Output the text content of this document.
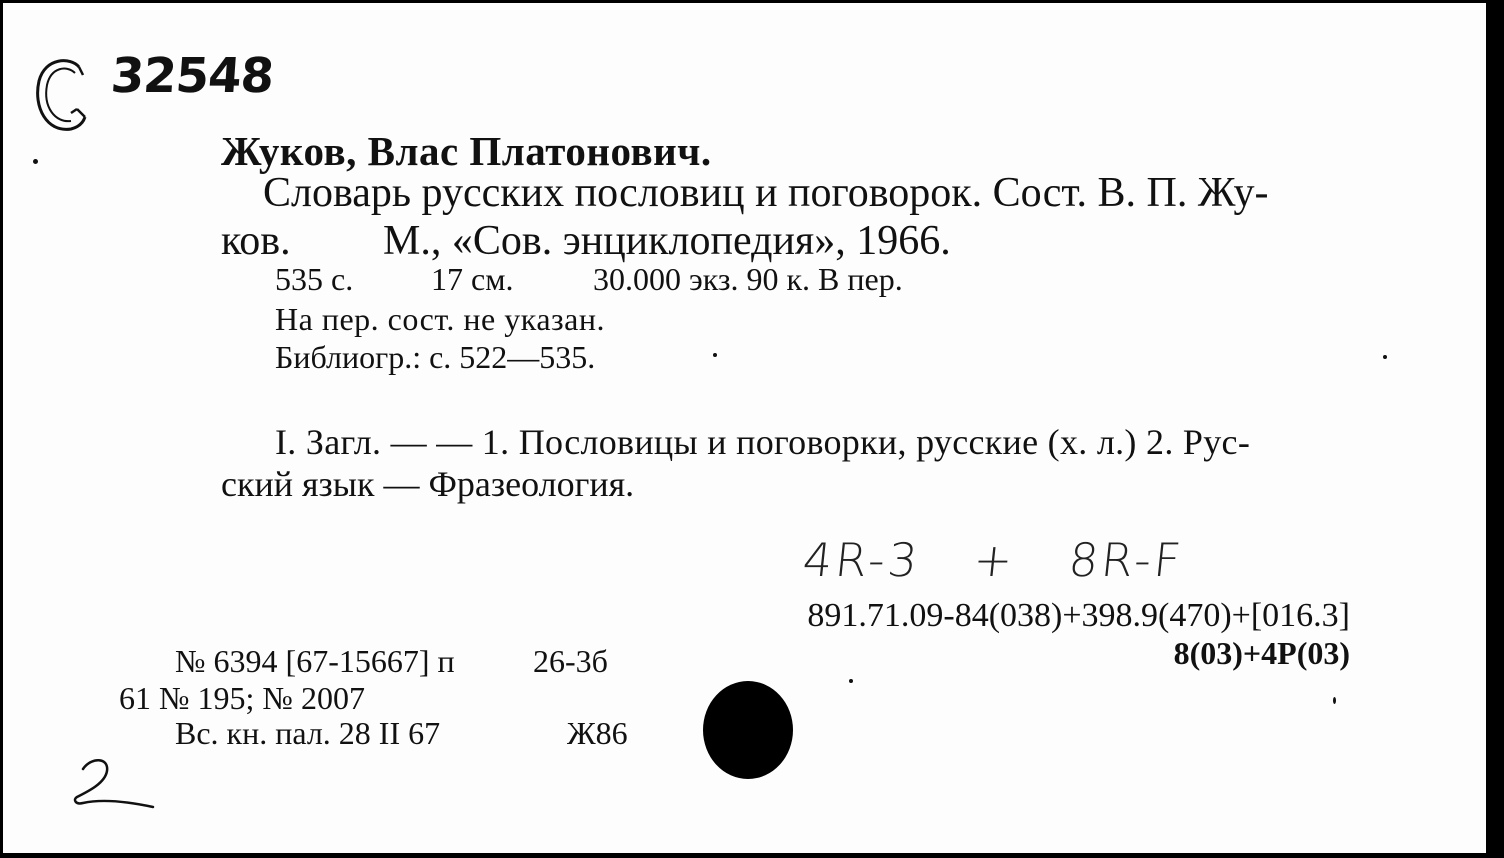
32548
Жуков, Влас Платонович.
Словарь русских пословиц и поговорок. Сост. В. П. Жу-
ков. М., «Сов. энциклопедия», 1966.
535 с. 17 см. 30.000 экз. 90 к. В пер.
На пер. сост. не указан.
Библиогр.: с. 522—535.
I. Загл. — — 1. Пословицы и поговорки, русские (х. л.) 2. Рус-
ский язык — Фразеология.
4R-3 + 8R-F
891.71.09-84(038)+398.9(470)+[016.3]
8(03)+4Р(03)
№ 6394 [67-15667] п 26-3б
61 № 195; № 2007
Вс. кн. пал. 28 II 67	Ж86
